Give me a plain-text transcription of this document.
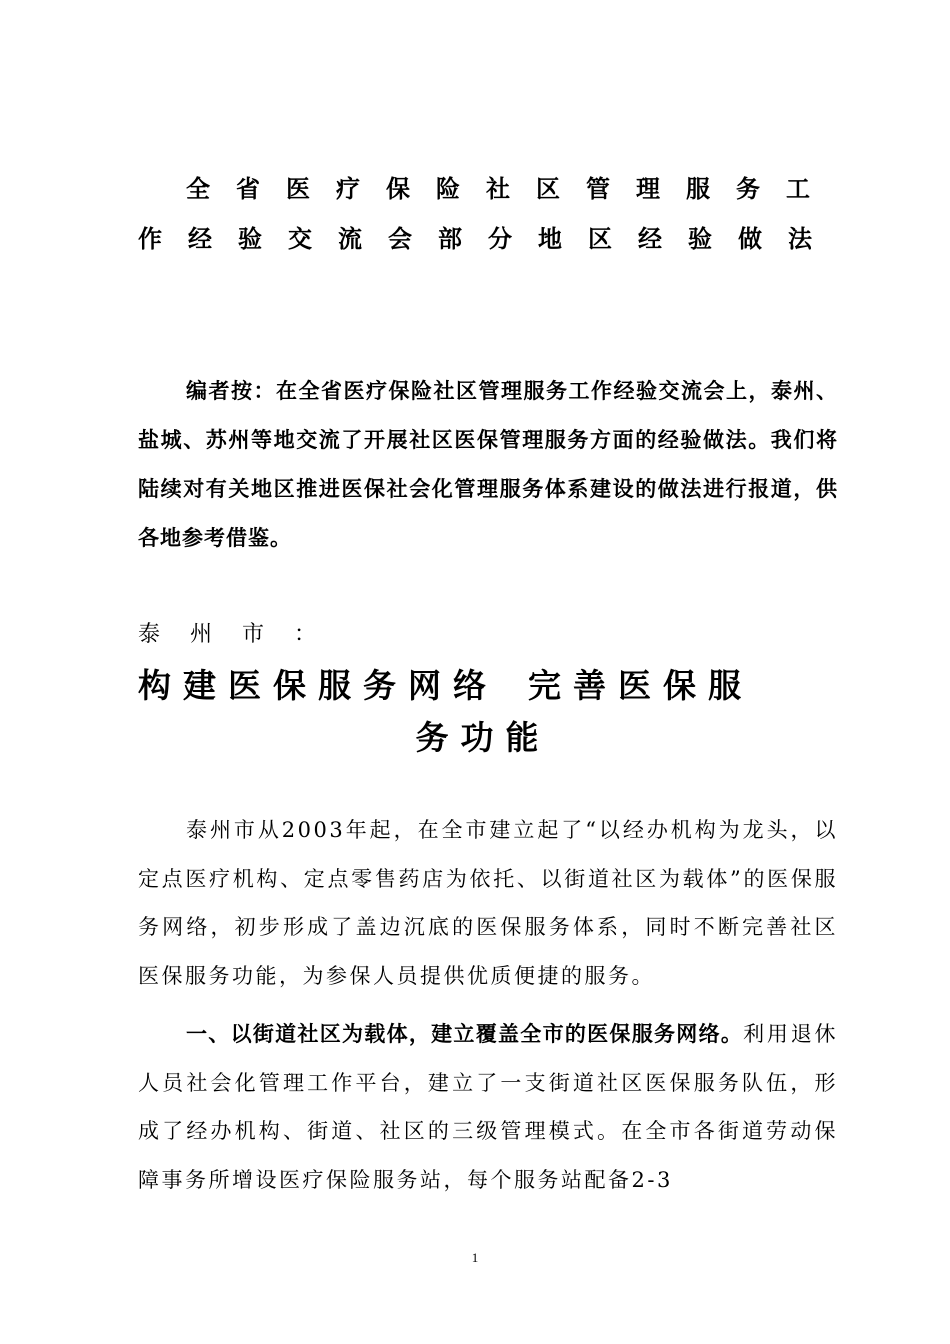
全省医疗保险社区管理服务工
作经验交流会部分地区经验做法

编者按：在全省医疗保险社区管理服务工作经验交流会上，泰州、盐城、苏州等地交流了开展社区医保管理服务方面的经验做法。我们将陆续对有关地区推进医保社会化管理服务体系建设的做法进行报道，供各地参考借鉴。

泰州市：

构建医保服务网络 完善医保服
务功能

泰州市从2003年起，在全市建立起了“以经办机构为龙头，以定点医疗机构、定点零售药店为依托、以街道社区为载体”的医保服务网络，初步形成了盖边沉底的医保服务体系，同时不断完善社区医保服务功能，为参保人员提供优质便捷的服务。

一、以街道社区为载体，建立覆盖全市的医保服务网络。利用退休人员社会化管理工作平台，建立了一支街道社区医保服务队伍，形成了经办机构、街道、社区的三级管理模式。在全市各街道劳动保障事务所增设医疗保险服务站，每个服务站配备2-3

1
